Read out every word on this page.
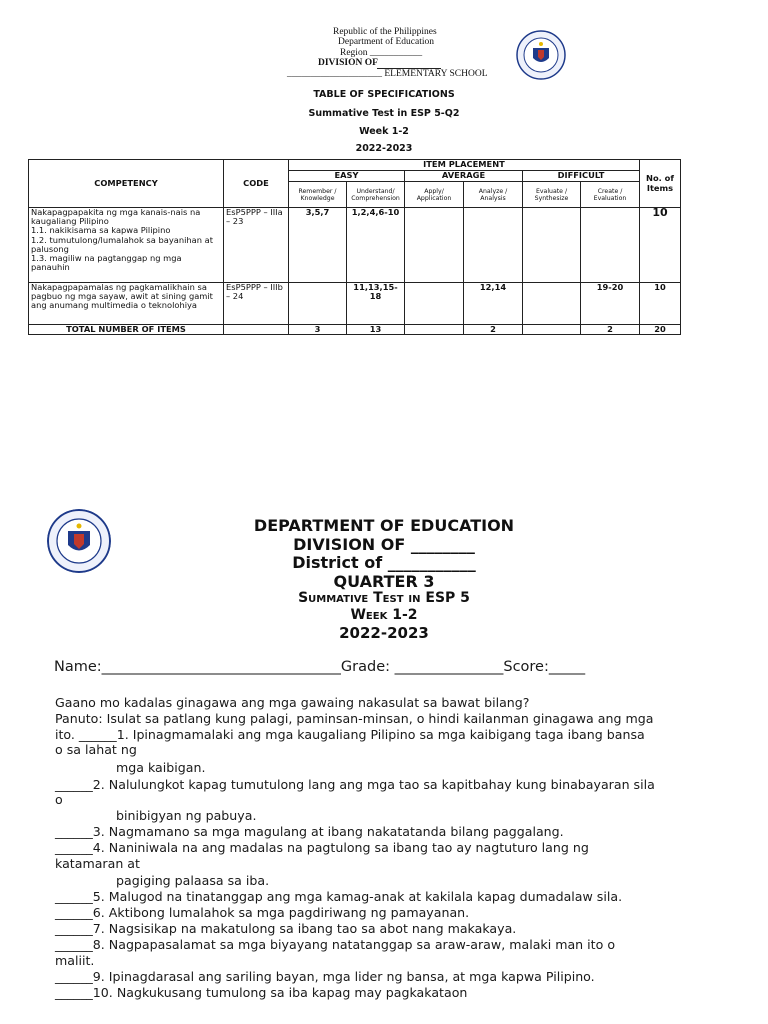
Republic of the Philippines
Department of Education
Region ___________
DIVISION OF
____________________ ELEMENTARY SCHOOL
TABLE OF SPECIFICATIONS
Summative Test in ESP 5-Q2
Week 1-2
2022-2023
COMPETENCY	CODE	ITEM PLACEMENT						No. of Items
		EASY		AVERAGE		DIFFICULT		
		Remember / Knowledge	Understand/ Comprehension	Apply/ Application	Analyze / Analysis	Evaluate / Synthesize	Create / Evaluation	
Nakapagpapakita ng mga kanais-nais na kaugaliang Pilipino
1.1. nakikisama sa kapwa Pilipino
1.2. tumutulong/lumalahok sa bayanihan at palusong
1.3. magiliw na pagtanggap ng mga panauhin	EsP5PPP – IIIa – 23	3,5,7	1,2,4,6-10					10
Nakapagpapamalas ng pagkamalikhain sa pagbuo ng mga sayaw, awit at sining gamit ang anumang multimedia o teknolohiya	EsP5PPP – IIIb – 24		11,13,15-18		12,14		19-20	10
TOTAL NUMBER OF ITEMS		3	13		2		2	20
DEPARTMENT OF EDUCATION
DIVISION OF ________
District of ___________
QUARTER 3
Summative Test in ESP 5
Week 1-2
2022-2023
Name:_________________________________Grade: _______________Score:_____
Gaano mo kadalas ginagawa ang mga gawaing nakasulat sa bawat bilang?
Panuto: Isulat sa patlang kung palagi, paminsan-minsan, o hindi kailanman ginagawa ang mga
ito. ______1. Ipinagmamalaki ang mga kaugaliang Pilipino sa mga kaibigang taga ibang bansa
o sa lahat ng
mga kaibigan.
______2. Nalulungkot kapag tumutulong lang ang mga tao sa kapitbahay kung binabayaran sila
o
binibigyan ng pabuya.
______3. Nagmamano sa mga magulang at ibang nakatatanda bilang paggalang.
______4. Naniniwala na ang madalas na pagtulong sa ibang tao ay nagtuturo lang ng
katamaran at
pagiging palaasa sa iba.
______5. Malugod na tinatanggap ang mga kamag-anak at kakilala kapag dumadalaw sila.
______6. Aktibong lumalahok sa mga pagdiriwang ng pamayanan.
______7. Nagsisikap na makatulong sa ibang tao sa abot nang makakaya.
______8. Nagpapasalamat sa mga biyayang natatanggap sa araw-araw, malaki man ito o
maliit.
______9. Ipinagdarasal ang sariling bayan, mga lider ng bansa, at mga kapwa Pilipino.
______10. Nagkukusang tumulong sa iba kapag may pagkakataon
